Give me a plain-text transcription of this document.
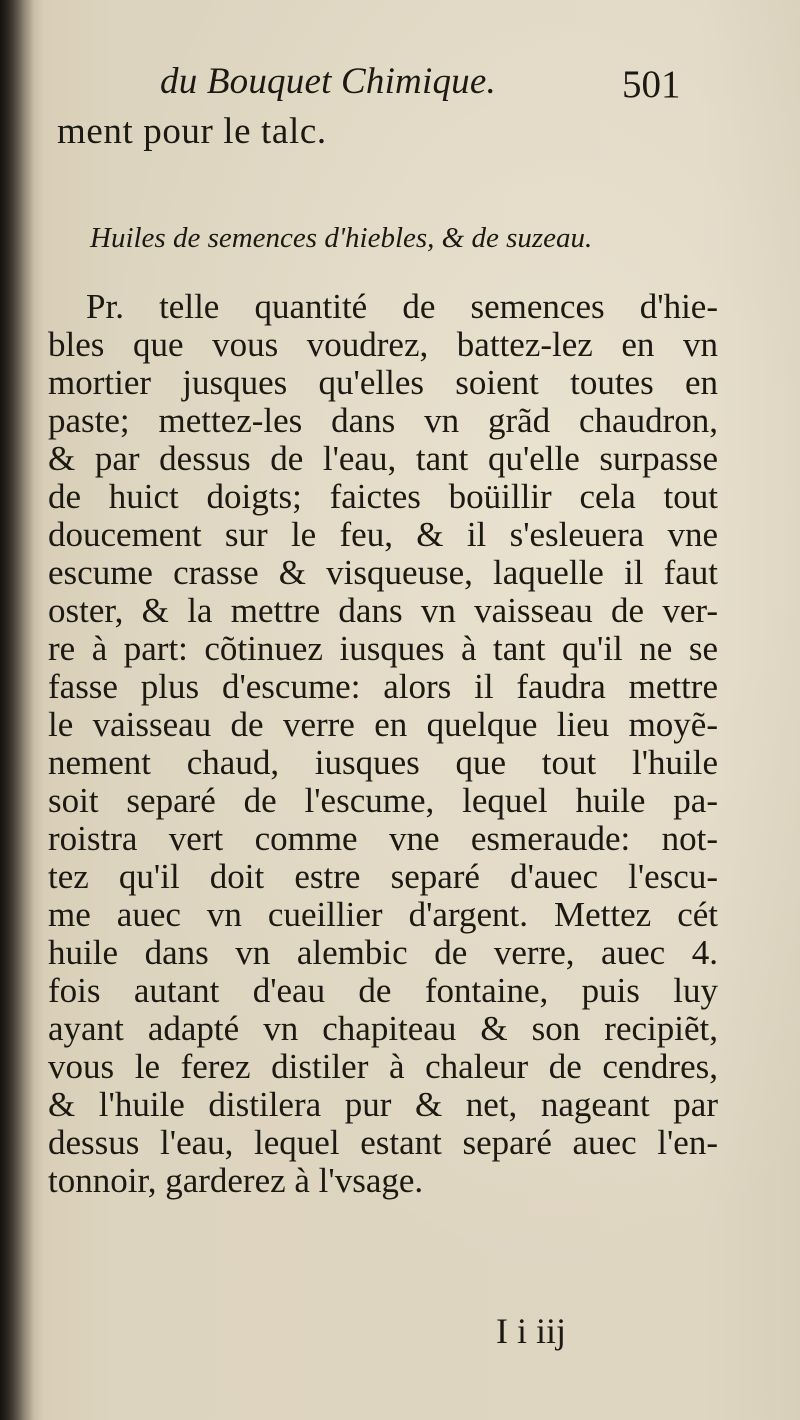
du Bouquet Chimique.	501
ment pour le talc.
Huiles de semences d'hiebles, & de suzeau.
Pr. telle quantité de semences d'hie-
bles que vous voudrez, battez-lez en vn
mortier jusques qu'elles soient toutes en
paste; mettez-les dans vn grãd chaudron,
& par dessus de l'eau, tant qu'elle surpasse
de huict doigts; faictes boüillir cela tout
doucement sur le feu, & il s'esleuera vne
escume crasse & visqueuse, laquelle il faut
oster, & la mettre dans vn vaisseau de ver-
re à part: cõtinuez iusques à tant qu'il ne se
fasse plus d'escume: alors il faudra mettre
le vaisseau de verre en quelque lieu moyẽ-
nement chaud, iusques que tout l'huile
soit separé de l'escume, lequel huile pa-
roistra vert comme vne esmeraude: not-
tez qu'il doit estre separé d'auec l'escu-
me auec vn cueillier d'argent. Mettez cét
huile dans vn alembic de verre, auec 4.
fois autant d'eau de fontaine, puis luy
ayant adapté vn chapiteau & son recipiẽt,
vous le ferez distiler à chaleur de cendres,
& l'huile distilera pur & net, nageant par
dessus l'eau, lequel estant separé auec l'en-
tonnoir, garderez à l'vsage.
I i iij
